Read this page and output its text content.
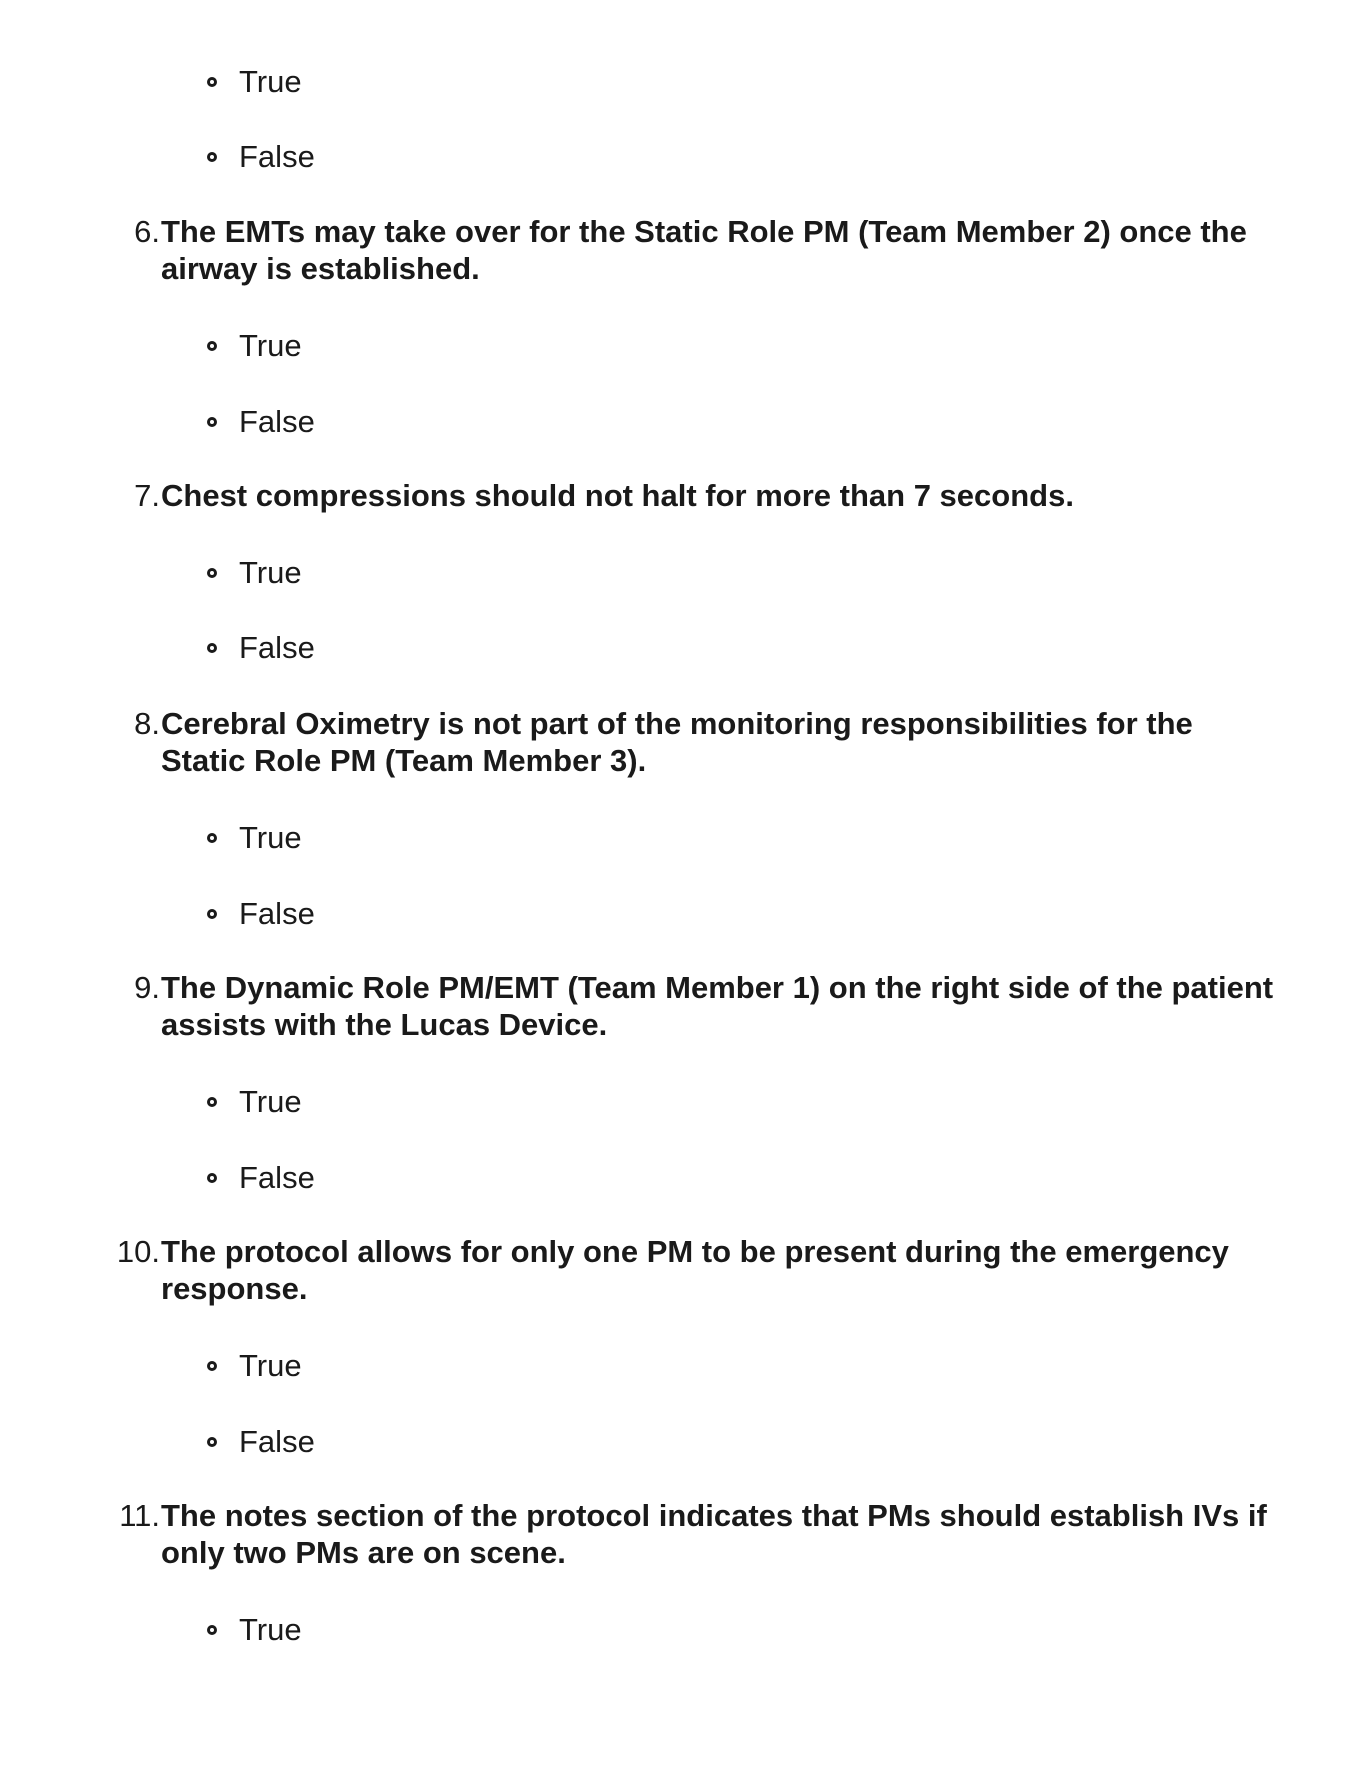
True
False
6. The EMTs may take over for the Static Role PM (Team Member 2) once the airway is established.
True
False
7. Chest compressions should not halt for more than 7 seconds.
True
False
8. Cerebral Oximetry is not part of the monitoring responsibilities for the Static Role PM (Team Member 3).
True
False
9. The Dynamic Role PM/EMT (Team Member 1) on the right side of the patient assists with the Lucas Device.
True
False
10. The protocol allows for only one PM to be present during the emergency response.
True
False
11. The notes section of the protocol indicates that PMs should establish IVs if only two PMs are on scene.
True
